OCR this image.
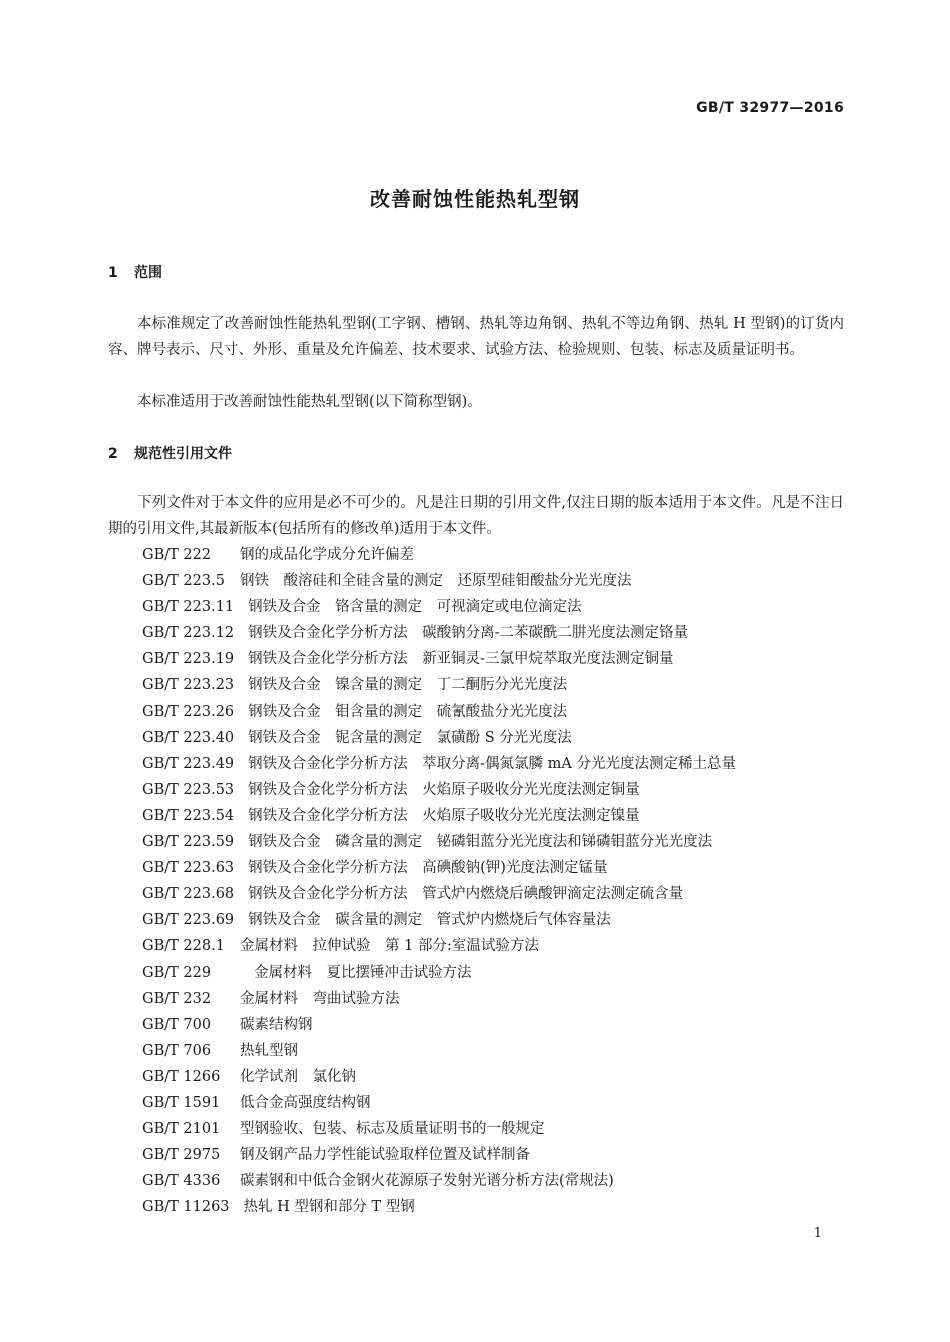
GB/T 32977—2016
改善耐蚀性能热轧型钢
1 范围

本标准规定了改善耐蚀性能热轧型钢(工字钢、槽钢、热轧等边角钢、热轧不等边角钢、热轧 H 型钢)的订货内容、牌号表示、尺寸、外形、重量及允许偏差、技术要求、试验方法、检验规则、包装、标志及质量证明书。

本标准适用于改善耐蚀性能热轧型钢(以下简称型钢)。

2 规范性引用文件

下列文件对于本文件的应用是必不可少的。凡是注日期的引用文件,仅注日期的版本适用于本文件。凡是不注日期的引用文件,其最新版本(包括所有的修改单)适用于本文件。

GB/T 222 钢的成品化学成分允许偏差
GB/T 223.5 钢铁　酸溶硅和全硅含量的测定　还原型硅钼酸盐分光光度法
GB/T 223.11 钢铁及合金　铬含量的测定　可视滴定或电位滴定法
GB/T 223.12 钢铁及合金化学分析方法　碳酸钠分离-二苯碳酰二肼光度法测定铬量
GB/T 223.19 钢铁及合金化学分析方法　新亚铜灵-三氯甲烷萃取光度法测定铜量
GB/T 223.23 钢铁及合金　镍含量的测定　丁二酮肟分光光度法
GB/T 223.26 钢铁及合金　钼含量的测定　硫氰酸盐分光光度法
GB/T 223.40 钢铁及合金　铌含量的测定　氯磺酚 S 分光光度法
GB/T 223.49 钢铁及合金化学分析方法　萃取分离-偶氮氯膦 mA 分光光度法测定稀土总量
GB/T 223.53 钢铁及合金化学分析方法　火焰原子吸收分光光度法测定铜量
GB/T 223.54 钢铁及合金化学分析方法　火焰原子吸收分光光度法测定镍量
GB/T 223.59 钢铁及合金　磷含量的测定　铋磷钼蓝分光光度法和锑磷钼蓝分光光度法
GB/T 223.63 钢铁及合金化学分析方法　高碘酸钠(钾)光度法测定锰量
GB/T 223.68 钢铁及合金化学分析方法　管式炉内燃烧后碘酸钾滴定法测定硫含量
GB/T 223.69 钢铁及合金　碳含量的测定　管式炉内燃烧后气体容量法
GB/T 228.1 金属材料　拉伸试验　第 1 部分:室温试验方法
GB/T 229	金属材料　夏比摆锤冲击试验方法
GB/T 232 金属材料　弯曲试验方法
GB/T 700 碳素结构钢
GB/T 706 热轧型钢
GB/T 1266 化学试剂　氯化钠
GB/T 1591 低合金高强度结构钢
GB/T 2101 型钢验收、包装、标志及质量证明书的一般规定
GB/T 2975 钢及钢产品力学性能试验取样位置及试样制备
GB/T 4336 碳素钢和中低合金钢火花源原子发射光谱分析方法(常规法)
GB/T 11263 热轧 H 型钢和部分 T 型钢
1
